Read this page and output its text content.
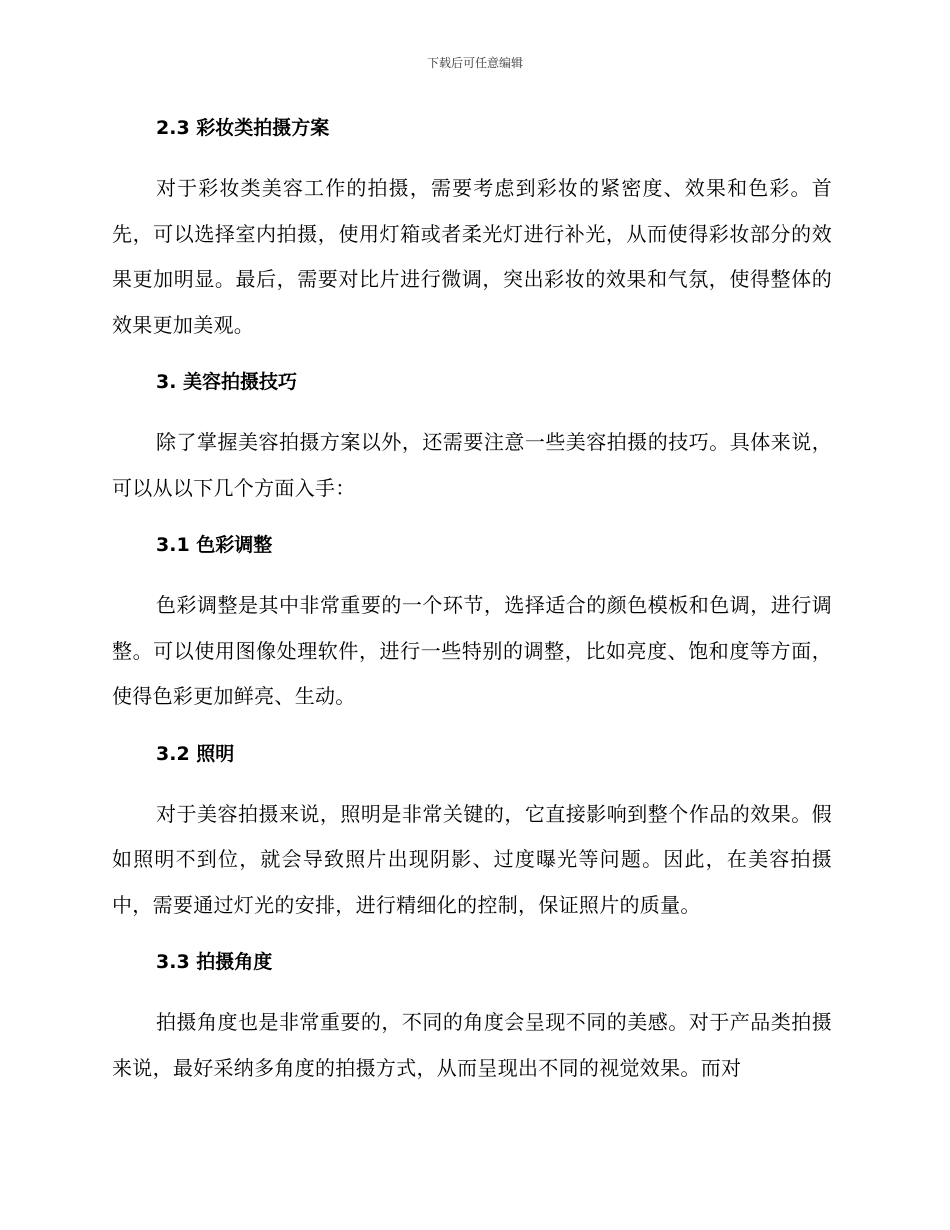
下载后可任意编辑
2.3 彩妆类拍摄方案

对于彩妆类美容工作的拍摄，需要考虑到彩妆的紧密度、效果和色彩。首先，可以选择室内拍摄，使用灯箱或者柔光灯进行补光，从而使得彩妆部分的效果更加明显。最后，需要对比片进行微调，突出彩妆的效果和气氛，使得整体的效果更加美观。

3. 美容拍摄技巧

除了掌握美容拍摄方案以外，还需要注意一些美容拍摄的技巧。具体来说，可以从以下几个方面入手：

3.1 色彩调整

色彩调整是其中非常重要的一个环节，选择适合的颜色模板和色调，进行调整。可以使用图像处理软件，进行一些特别的调整，比如亮度、饱和度等方面，使得色彩更加鲜亮、生动。

3.2 照明

对于美容拍摄来说，照明是非常关键的，它直接影响到整个作品的效果。假如照明不到位，就会导致照片出现阴影、过度曝光等问题。因此，在美容拍摄中，需要通过灯光的安排，进行精细化的控制，保证照片的质量。

3.3 拍摄角度

拍摄角度也是非常重要的，不同的角度会呈现不同的美感。对于产品类拍摄来说，最好采纳多角度的拍摄方式，从而呈现出不同的视觉效果。而对
